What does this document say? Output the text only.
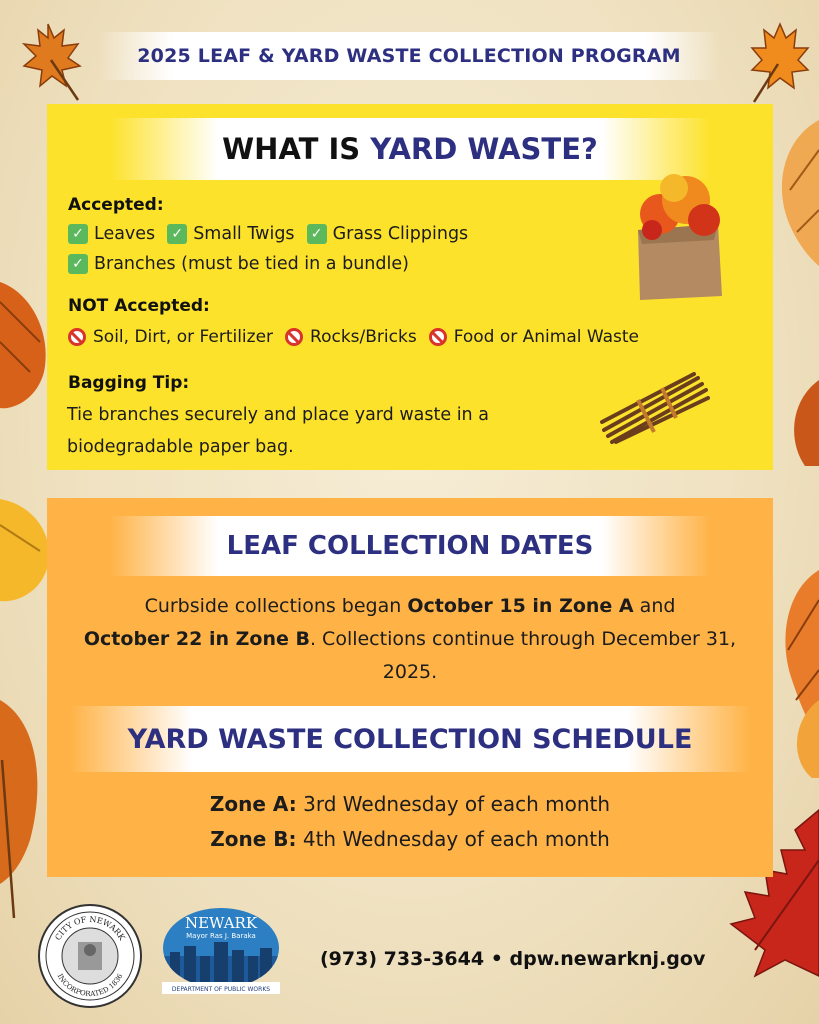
2025 LEAF & YARD WASTE COLLECTION PROGRAM
WHAT IS YARD WASTE?
Accepted:
✓ Leaves ✓ Small Twigs ✓ Grass Clippings
✓ Branches (must be tied in a bundle)
NOT Accepted:
Soil, Dirt, or Fertilizer Rocks/Bricks Food or Animal Waste
Bagging Tip:
Tie branches securely and place yard waste in a biodegradable paper bag.
LEAF COLLECTION DATES
Curbside collections began October 15 in Zone A and
October 22 in Zone B. Collections continue through December 31, 2025.
YARD WASTE COLLECTION SCHEDULE
Zone A: 3rd Wednesday of each month
Zone B: 4th Wednesday of each month
CITY OF NEWARK
INCORPORATED 1836
NEWARK
Mayor Ras J. Baraka
DEPARTMENT OF PUBLIC WORKS
(973) 733-3644 • dpw.newarknj.gov
